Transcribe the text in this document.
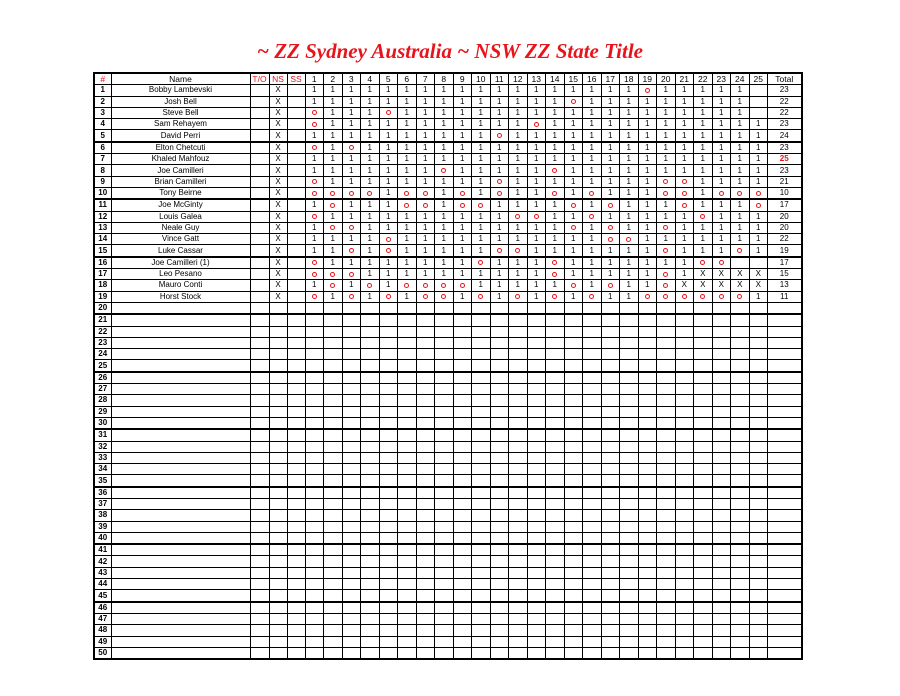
~ ZZ Sydney Australia ~ NSW ZZ State Title
#	Name	T/O	NS	SS	1	2	3	4	5	6	7	8	9	10	11	12	13	14	15	16	17	18	19	20	21	22	23	24	25	Total
1	Bobby Lambevski		X		1	1	1	1	1	1	1	1	1	1	1	1	1	1	1	1	1	1		1	1	1	1	1		23
2	Josh Bell		X		1	1	1	1	1	1	1	1	1	1	1	1	1	1		1	1	1	1	1	1	1	1	1		22
3	Steve Bell		X			1	1	1		1	1	1	1	1	1	1	1	1	1	1	1	1	1	1	1	1	1	1		22
4	Sam Rehayem		X			1	1	1	1	1	1	1	1	1	1	1		1	1	1	1	1	1	1	1	1	1	1	1	23
5	David Perri		X		1	1	1	1	1	1	1	1	1	1		1	1	1	1	1	1	1	1	1	1	1	1	1	1	24
6	Elton Chetcuti		X			1		1	1	1	1	1	1	1	1	1	1	1	1	1	1	1	1	1	1	1	1	1	1	23
7	Khaled Mahfouz		X		1	1	1	1	1	1	1	1	1	1	1	1	1	1	1	1	1	1	1	1	1	1	1	1	1	25
8	Joe Camilleri		X		1	1	1	1	1	1	1		1	1	1	1	1		1	1	1	1	1	1	1	1	1	1	1	23
9	Brian Camilleri		X			1	1	1	1	1	1	1	1	1		1	1	1	1	1	1	1	1			1	1	1	1	21
10	Tony Beirne		X						1			1		1		1	1		1		1	1	1			1				10
11	Joe McGinty		X		1		1	1	1			1			1	1	1	1		1		1	1	1		1	1	1		17
12	Louis Galea		X			1	1	1	1	1	1	1	1	1	1			1	1		1	1	1	1	1		1	1	1	20
13	Neale Guy		X		1			1	1	1	1	1	1	1	1	1	1	1		1		1	1		1	1	1	1	1	20
14	Vince Gatt		X		1	1	1	1		1	1	1	1	1	1	1	1	1	1	1			1	1	1	1	1	1	1	22
15	Luke Cassar		X		1	1		1		1	1	1	1	1			1	1	1	1	1	1	1		1	1	1		1	19
16	Joe Camilleri (1)		X			1	1	1	1	1	1	1	1		1	1	1		1	1	1	1	1	1	1					17
17	Leo Pesano		X					1	1	1	1	1	1	1	1	1	1		1	1	1	1	1		1	X	X	X	X	15
18	Mauro Conti		X		1		1		1					1	1	1	1	1		1		1	1		X	X	X	X	X	13
19	Horst Stock		X			1		1		1			1		1		1		1		1	1							1	11
20																														
21																														
22																														
23																														
24																														
25																														
26																														
27																														
28																														
29																														
30																														
31																														
32																														
33																														
34																														
35																														
36																														
37																														
38																														
39																														
40																														
41																														
42																														
43																														
44																														
45																														
46																														
47																														
48																														
49																														
50																														
